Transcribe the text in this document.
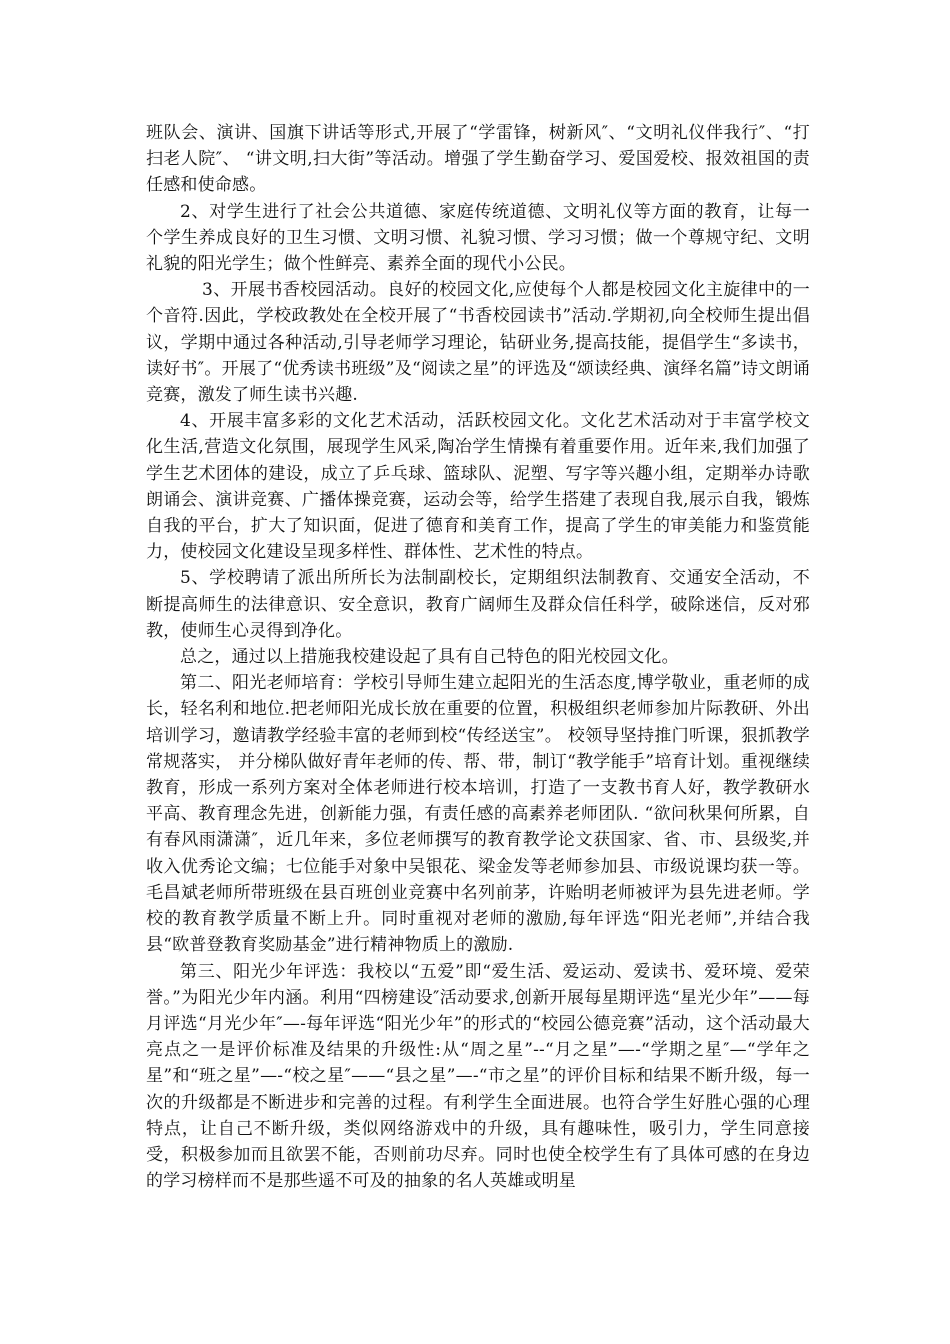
班队会、演讲、国旗下讲话等形式,开展了“学雷锋，树新风″、“文明礼仪伴我行″、“打扫老人院″、 “讲文明,扫大街”等活动。增强了学生勤奋学习、爱国爱校、报效祖国的责任感和使命感。

2、对学生进行了社会公共道德、家庭传统道德、文明礼仪等方面的教育，让每一个学生养成良好的卫生习惯、文明习惯、礼貌习惯、学习习惯；做一个尊规守纪、文明礼貌的阳光学生；做个性鲜亮、素养全面的现代小公民。

3、开展书香校园活动。良好的校园文化,应使每个人都是校园文化主旋律中的一个音符.因此，学校政教处在全校开展了“书香校园读书”活动.学期初,向全校师生提出倡议，学期中通过各种活动,引导老师学习理论，钻研业务,提高技能，提倡学生“多读书，读好书″。开展了“优秀读书班级”及“阅读之星”的评选及“颂读经典、演绎名篇”诗文朗诵竞赛，激发了师生读书兴趣.

4、开展丰富多彩的文化艺术活动，活跃校园文化。文化艺术活动对于丰富学校文化生活,营造文化氛围，展现学生风采,陶冶学生情操有着重要作用。近年来,我们加强了学生艺术团体的建设，成立了乒乓球、篮球队、泥塑、写字等兴趣小组，定期举办诗歌朗诵会、演讲竞赛、广播体操竞赛，运动会等，给学生搭建了表现自我,展示自我，锻炼自我的平台，扩大了知识面，促进了德育和美育工作，提高了学生的审美能力和鉴赏能力，使校园文化建设呈现多样性、群体性、艺术性的特点。

5、学校聘请了派出所所长为法制副校长，定期组织法制教育、交通安全活动，不断提高师生的法律意识、安全意识，教育广阔师生及群众信任科学，破除迷信，反对邪教，使师生心灵得到净化。

总之，通过以上措施我校建设起了具有自己特色的阳光校园文化。

第二、阳光老师培育：学校引导师生建立起阳光的生活态度,博学敬业，重老师的成长，轻名利和地位.把老师阳光成长放在重要的位置，积极组织老师参加片际教研、外出培训学习，邀请教学经验丰富的老师到校“传经送宝”。 校领导坚持推门听课，狠抓教学常规落实， 并分梯队做好青年老师的传、帮、带，制订“教学能手”培育计划。重视继续教育，形成一系列方案对全体老师进行校本培训，打造了一支教书育人好，教学教研水平高、教育理念先进，创新能力强，有责任感的高素养老师团队. “欲问秋果何所累，自有春风雨潇潇″，近几年来，多位老师撰写的教育教学论文获国家、省、市、县级奖,并收入优秀论文编；七位能手对象中吴银花、梁金发等老师参加县、市级说课均获一等。毛昌斌老师所带班级在县百班创业竞赛中名列前茅，许贻明老师被评为县先进老师。学校的教育教学质量不断上升。同时重视对老师的激励,每年评选“阳光老师”,并结合我县“欧普登教育奖励基金”进行精神物质上的激励.

第三、阳光少年评选：我校以“五爱”即“爱生活、爱运动、爱读书、爱环境、爱荣誉。”为阳光少年内涵。利用“四榜建设″活动要求,创新开展每星期评选“星光少年”——每月评选“月光少年″—-每年评选“阳光少年”的形式的“校园公德竞赛”活动，这个活动最大亮点之一是评价标准及结果的升级性:从“周之星”--“月之星”—-“学期之星″—“学年之星”和“班之星”—-“校之星″——“县之星”—-“市之星”的评价目标和结果不断升级，每一次的升级都是不断进步和完善的过程。有利学生全面进展。也符合学生好胜心强的心理特点，让自己不断升级，类似网络游戏中的升级，具有趣味性，吸引力，学生同意接受，积极参加而且欲罢不能，否则前功尽弃。同时也使全校学生有了具体可感的在身边的学习榜样而不是那些遥不可及的抽象的名人英雄或明星
